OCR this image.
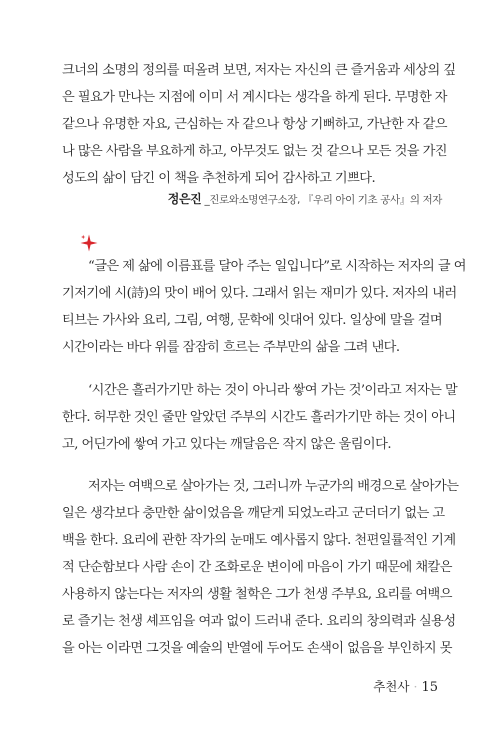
크너의 소명의 정의를 떠올려 보면, 저자는 자신의 큰 즐거움과 세상의 깊
은 필요가 만나는 지점에 이미 서 계시다는 생각을 하게 된다. 무명한 자
같으나 유명한 자요, 근심하는 자 같으나 항상 기뻐하고, 가난한 자 같으
나 많은 사람을 부요하게 하고, 아무것도 없는 것 같으나 모든 것을 가진
성도의 삶이 담긴 이 책을 추천하게 되어 감사하고 기쁘다.
정은진 _진로와소명연구소장, 『우리 아이 기초 공사』의 저자
“글은 제 삶에 이름표를 달아 주는 일입니다”로 시작하는 저자의 글 여
기저기에 시(詩)의 맛이 배어 있다. 그래서 읽는 재미가 있다. 저자의 내러
티브는 가사와 요리, 그림, 여행, 문학에 잇대어 있다. 일상에 말을 걸며
시간이라는 바다 위를 잠잠히 흐르는 주부만의 삶을 그려 낸다.
‘시간은 흘러가기만 하는 것이 아니라 쌓여 가는 것’이라고 저자는 말
한다. 허무한 것인 줄만 알았던 주부의 시간도 흘러가기만 하는 것이 아니
고, 어딘가에 쌓여 가고 있다는 깨달음은 작지 않은 울림이다.
저자는 여백으로 살아가는 것, 그러니까 누군가의 배경으로 살아가는
일은 생각보다 충만한 삶이었음을 깨닫게 되었노라고 군더더기 없는 고
백을 한다. 요리에 관한 작가의 눈매도 예사롭지 않다. 천편일률적인 기계
적 단순함보다 사람 손이 간 조화로운 변이에 마음이 가기 때문에 채칼은
사용하지 않는다는 저자의 생활 철학은 그가 천생 주부요, 요리를 여백으
로 즐기는 천생 셰프임을 여과 없이 드러내 준다. 요리의 창의력과 실용성
을 아는 이라면 그것을 예술의 반열에 두어도 손색이 없음을 부인하지 못
추천사 · 15
